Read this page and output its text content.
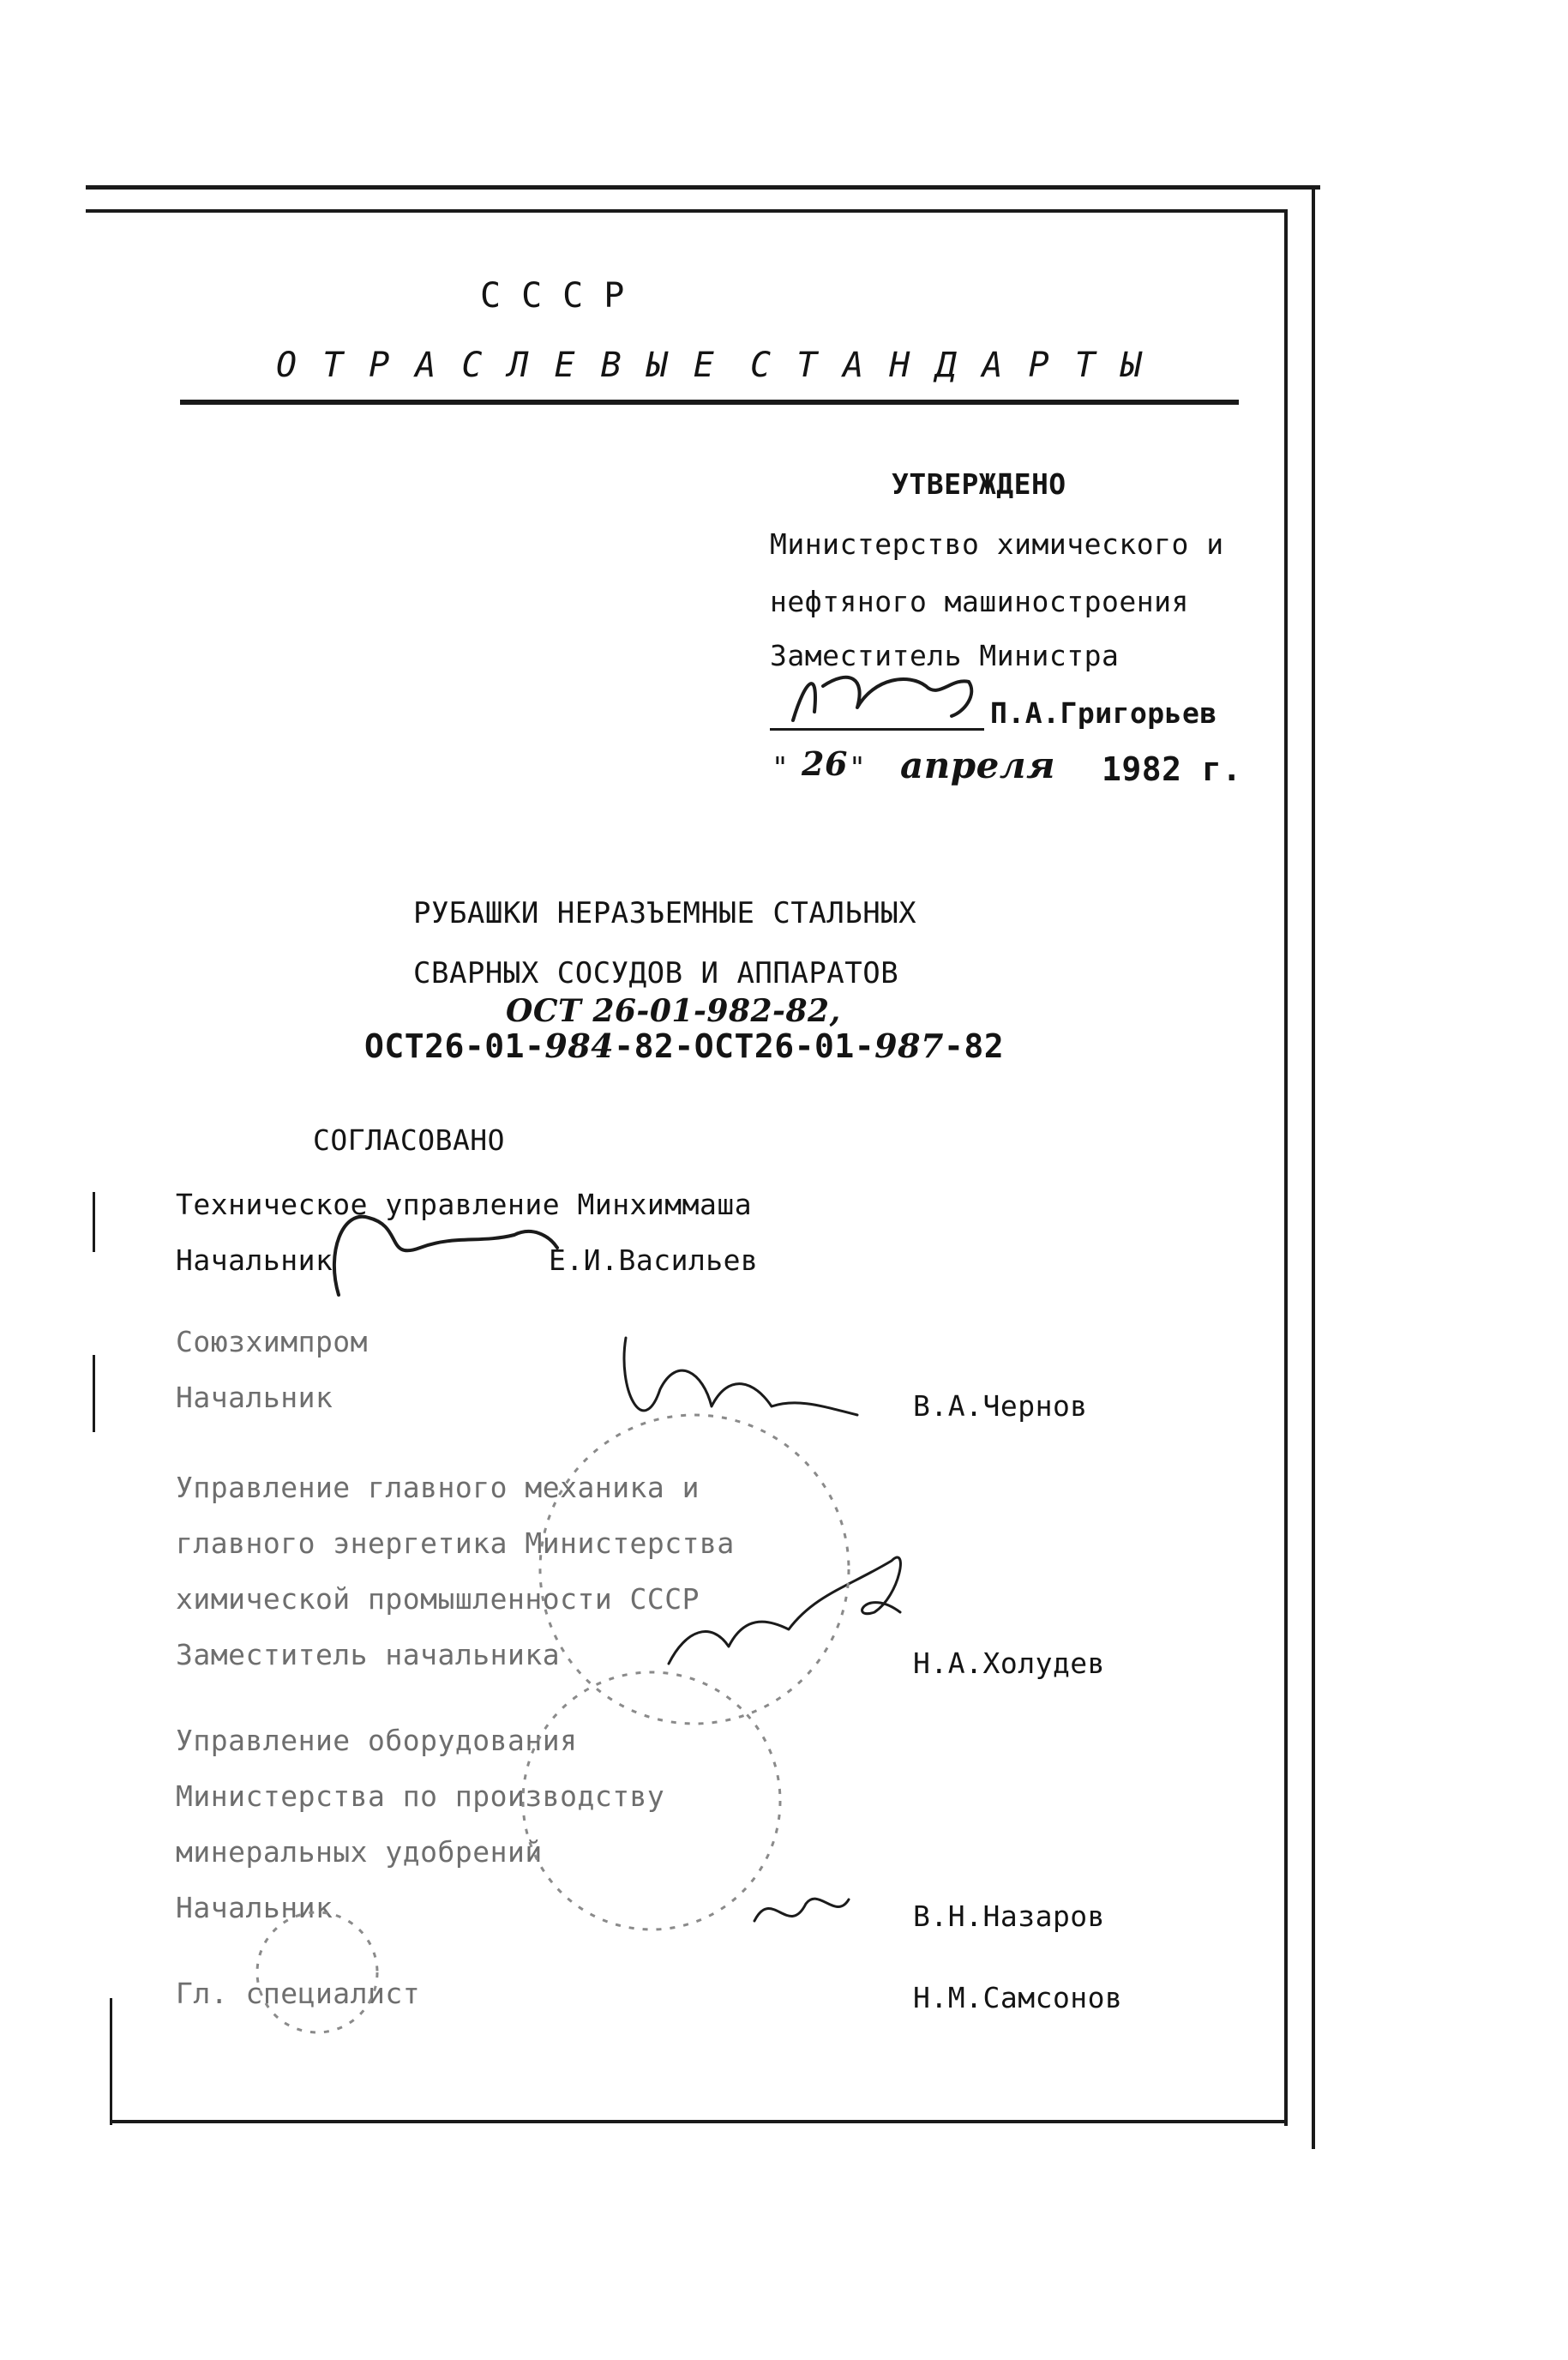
СССР
ОТРАСЛЕВЫЕ СТАНДАРТЫ
УТВЕРЖДЕНО
Министерство химического и
нефтяного машиностроения
Заместитель Министра
П.А.Григорьев
" 26 " апреля 1982 г.
РУБАШКИ НЕРАЗЪЕМНЫЕ СТАЛЬНЫХ
СВАРНЫХ СОСУДОВ И АППАРАТОВ
ОСТ 26-01-982-82,
ОСТ26-01-984-82-ОСТ26-01-987-82
СОГЛАСОВАНО
Техническое управление Минхиммаша
Начальник	Е.И.Васильев
Союзхимпром
Начальник	В.А.Чернов
Управление главного механика и
главного энергетика Министерства
химической промышленности СССР
Заместитель начальника	Н.А.Холудев
Управление оборудования
Министерства по производству
минеральных удобрений
Начальник	В.Н.Назаров
Гл. специалист	Н.М.Самсонов
